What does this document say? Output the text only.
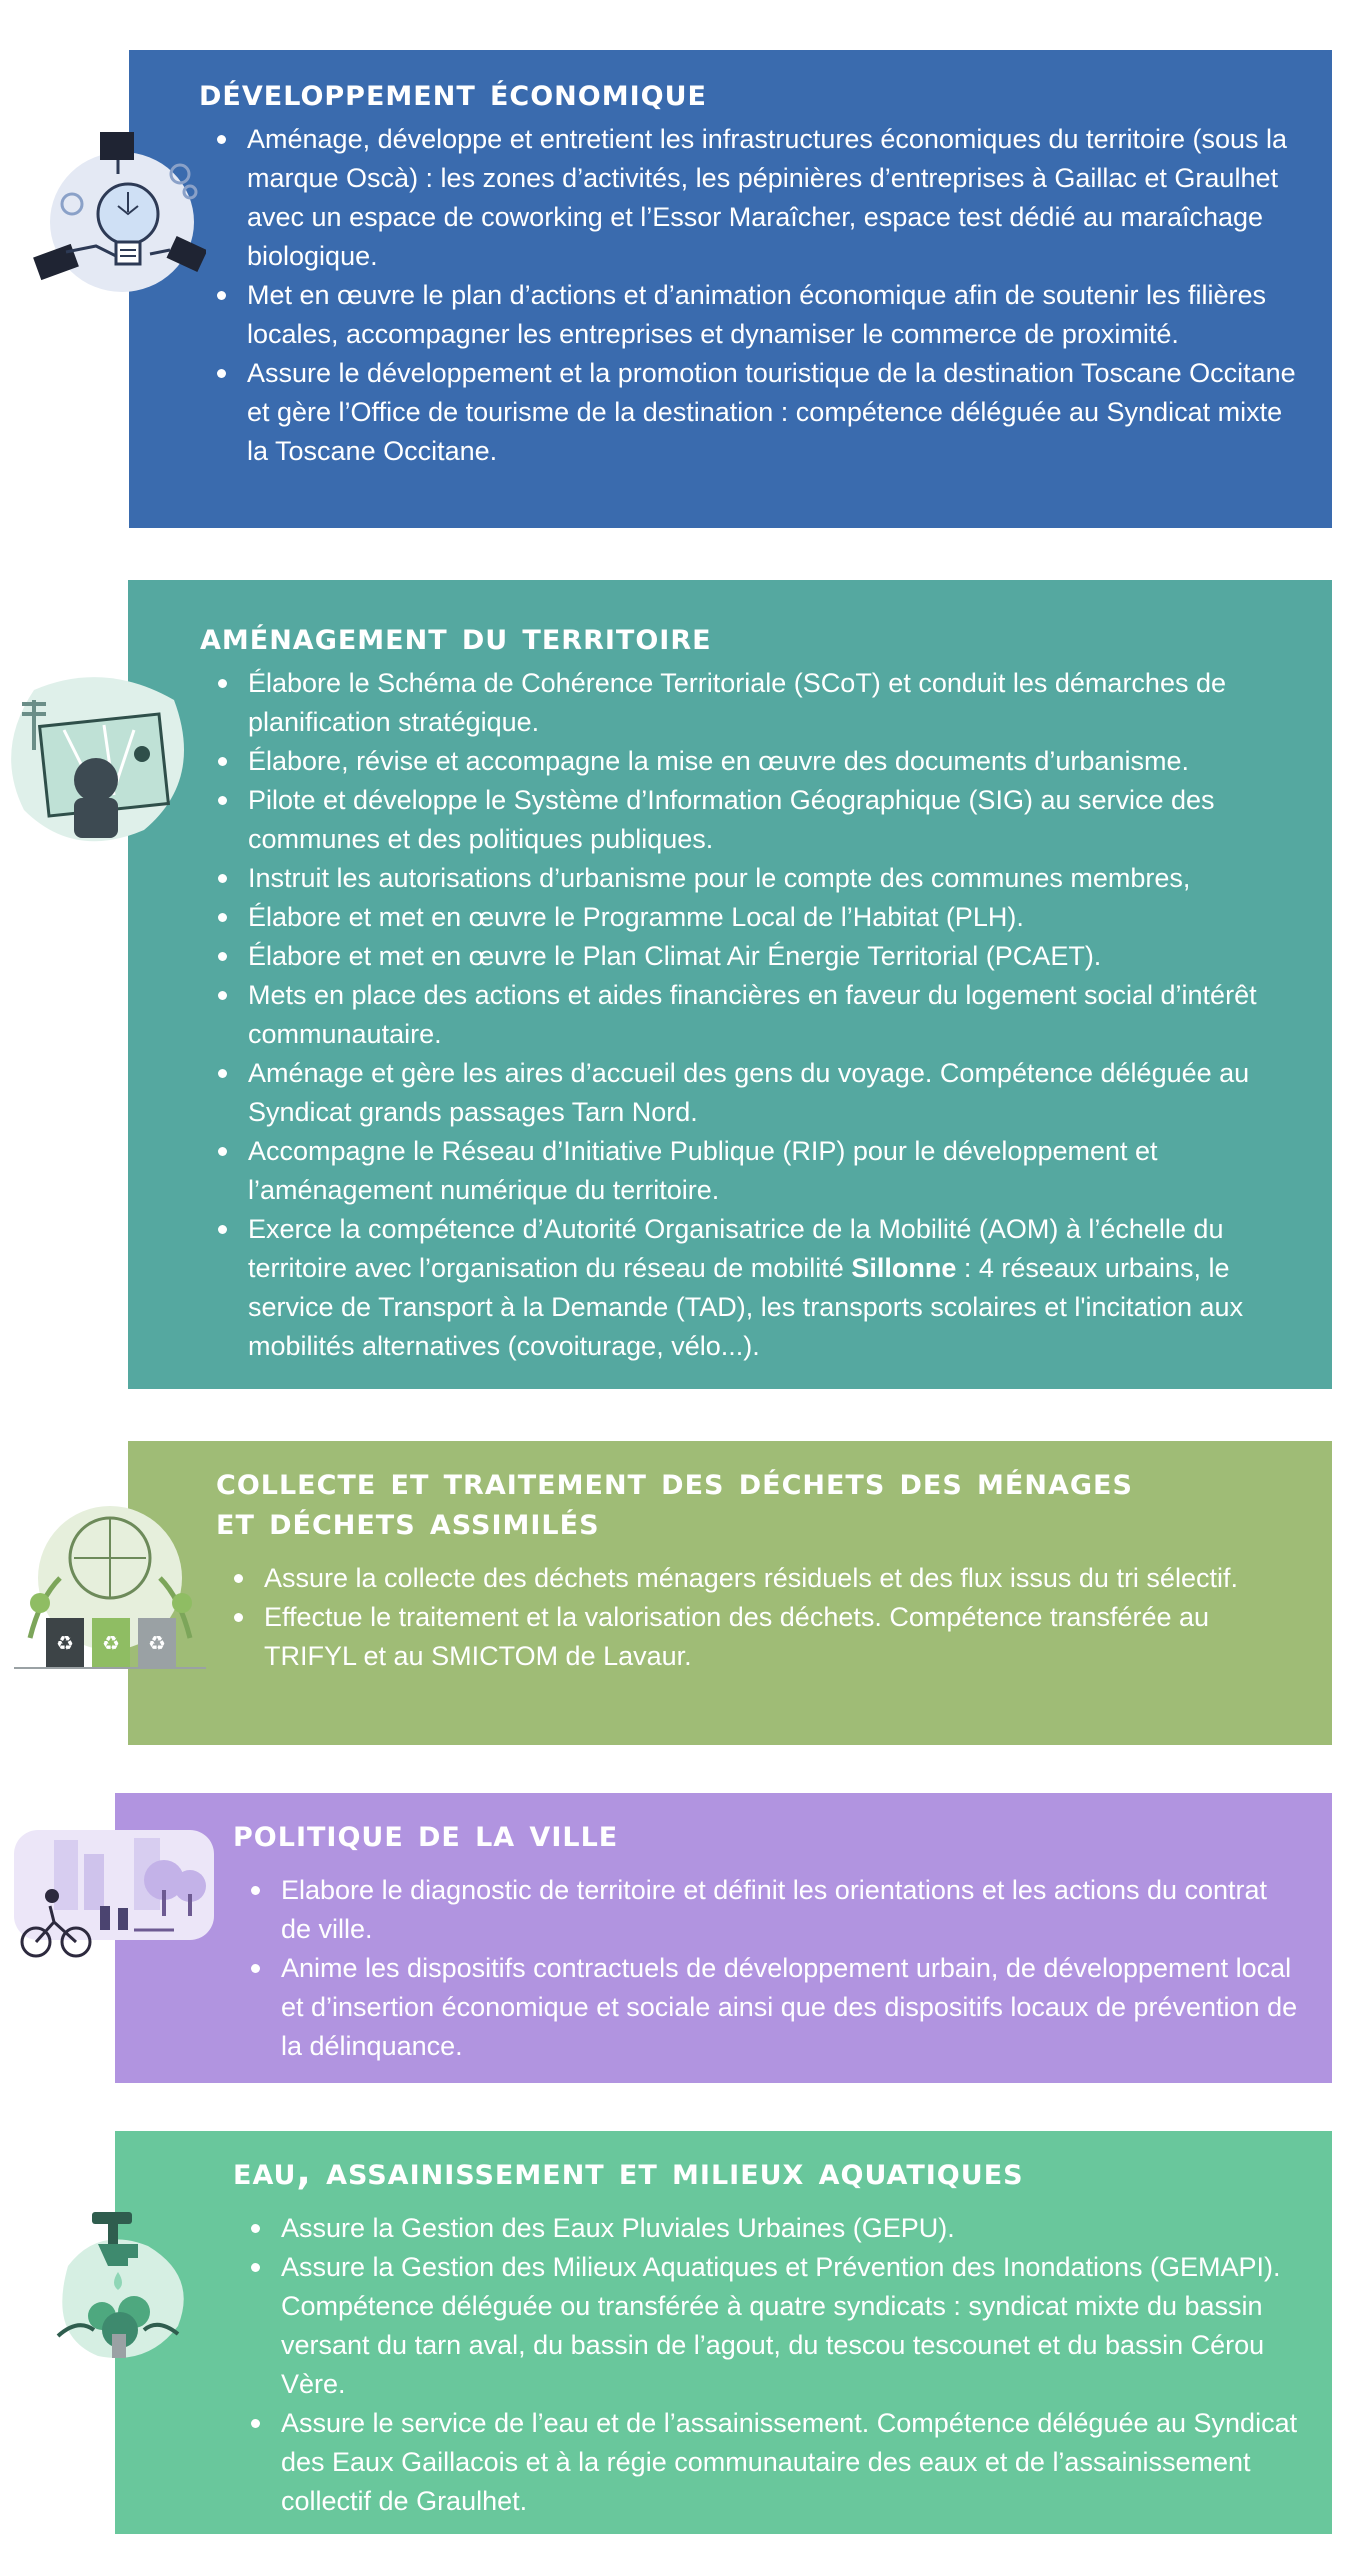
développement économique
Aménage, développe et entretient les infrastructures économiques du territoire (sous la marque Oscà) : les zones d’activités, les pépinières d’entreprises à Gaillac et Graulhet avec un espace de coworking et l’Essor Maraîcher, espace test dédié au maraîchage biologique.
Met en œuvre le plan d’actions et d’animation économique afin de soutenir les filières locales, accompagner les entreprises et dynamiser le commerce de proximité.
Assure le développement et la promotion touristique de la destination Toscane Occitane et gère l’Office de tourisme de la destination : compétence déléguée au Syndicat mixte la Toscane Occitane.
aménagement du territoire
Élabore le Schéma de Cohérence Territoriale (SCoT) et conduit les démarches de planification stratégique.
Élabore, révise et accompagne la mise en œuvre des documents d’urbanisme.
Pilote et développe le Système d’Information Géographique (SIG) au service des communes et des politiques publiques.
Instruit les autorisations d’urbanisme pour le compte des communes membres,
Élabore et met en œuvre le Programme Local de l’Habitat (PLH).
Élabore et met en œuvre le Plan Climat Air Énergie Territorial (PCAET).
Mets en place des actions et aides financières en faveur du logement social d’intérêt communautaire.
Aménage et gère les aires d’accueil des gens du voyage. Compétence déléguée au Syndicat grands passages Tarn Nord.
Accompagne le Réseau d’Initiative Publique (RIP) pour le développement et l’aménagement numérique du territoire.
Exerce la compétence d’Autorité Organisatrice de la Mobilité (AOM) à l’échelle du territoire avec l’organisation du réseau de mobilité Sillonne : 4 réseaux urbains, le service de Transport à la Demande (TAD), les transports scolaires et l'incitation aux mobilités alternatives (covoiturage, vélo...).
collecte et traitement des déchets des ménages et déchets assimilés
Assure la collecte des déchets ménagers résiduels et des flux issus du tri sélectif.
Effectue le traitement et la valorisation des déchets. Compétence transférée au TRIFYL et au SMICTOM de Lavaur.
♻ ♻ ♻
politique de la ville
Elabore le diagnostic de territoire et définit les orientations et les actions du contrat de ville.
Anime les dispositifs contractuels de développement urbain, de développement local et d’insertion économique et sociale ainsi que des dispositifs locaux de prévention de la délinquance.
eau, assainissement et milieux aquatiques
Assure la Gestion des Eaux Pluviales Urbaines (GEPU).
Assure la Gestion des Milieux Aquatiques et Prévention des Inondations (GEMAPI). Compétence déléguée ou transférée à quatre syndicats : syndicat mixte du bassin versant du tarn aval, du bassin de l’agout, du tescou tescounet et du bassin Cérou Vère.
Assure le service de l’eau et de l’assainissement. Compétence déléguée au Syndicat des Eaux Gaillacois et à la régie communautaire des eaux et de l’assainissement collectif de Graulhet.
